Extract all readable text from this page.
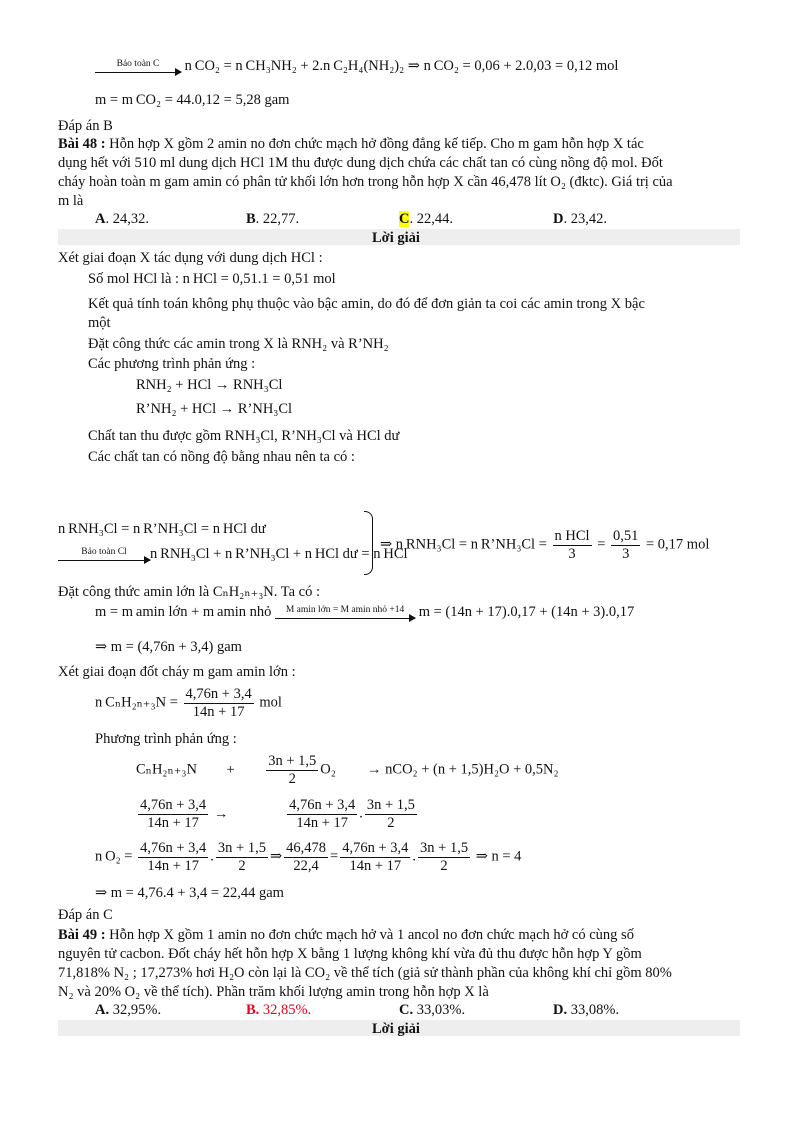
Bảo toàn C	n CO₂ = n CH₃NH₂ + 2.n C₂H₄(NH₂)₂ ⇒ n CO₂ = 0,06 + 2.0,03 = 0,12 mol
m = m CO₂ = 44.0,12 = 5,28 gam
Đáp án B
Bài 48 : Hỗn hợp X gồm 2 amin no đơn chức mạch hở đồng đẳng kế tiếp. Cho m gam hỗn hợp X tác
dụng hết với 510 ml dung dịch HCl 1M thu được dung dịch chứa các chất tan có cùng nồng độ mol. Đốt
cháy hoàn toàn m gam amin có phân tử khối lớn hơn trong hỗn hợp X cần 46,478 lít O₂ (đktc). Giá trị của
m là
A. 24,32.	B. 22,77.	C. 22,44.	D. 23,42.
Lời giải
Xét giai đoạn X tác dụng với dung dịch HCl :
Số mol HCl là : n HCl = 0,51.1 = 0,51 mol
Kết quả tính toán không phụ thuộc vào bậc amin, do đó để đơn giản ta coi các amin trong X bậc
một
Đặt công thức các amin trong X là RNH₂ và R’NH₂
Các phương trình phản ứng :
RNH₂ + HCl → RNH₃Cl
R’NH₂ + HCl → R’NH₃Cl
Chất tan thu được gồm RNH₃Cl, R’NH₃Cl và HCl dư
Các chất tan có nồng độ bằng nhau nên ta có :
n RNH₃Cl = n R’NH₃Cl = n HCl dư
Bảo toàn Cl	n RNH₃Cl + n R’NH₃Cl + n HCl dư = n HCl
⇒ n RNH₃Cl = n R’NH₃Cl = $\frac{\text{n HCl}}{3} = \frac{0,51}{3} = 0,17$ mol
Đặt công thức amin lớn là CₙH₂ₙ₊₃N. Ta có :
m = m amin lớn + m amin nhỏ	M amin lớn = M amin nhỏ +14 m = (14n + 17).0,17 + (14n + 3).0,17
⇒ m = (4,76n + 3,4) gam
Xét giai đoạn đốt cháy m gam amin lớn :
n $C_nH_{2n+3}N = \frac{4,76n + 3,4}{14n + 17}$ mol
Phương trình phản ứng :
$C_nH_{2n+3}N + \frac{3n + 1,5}{2} O_2 \to nCO_2 + (n + 1,5)H_2O + 0,5N_2$
$\frac{4,76n + 3,4}{14n + 17}$ →	$\frac{4,76n + 3,4}{14n + 17}$ . $\frac{3n + 1,5}{2}$
n $O_2 = \frac{4,76n + 3,4}{14n + 17}$ . $\frac{3n + 1,5}{2}$ ⇒ $\frac{46,478}{22,4} = \frac{4,76n + 3,4}{14n + 17}$ . $\frac{3n + 1,5}{2}$ ⇒ n = 4
⇒ m = 4,76.4 + 3,4 = 22,44 gam
Đáp án C
Bài 49 : Hỗn hợp X gồm 1 amin no đơn chức mạch hở và 1 ancol no đơn chức mạch hở có cùng số
nguyên tử cacbon. Đốt cháy hết hỗn hợp X bằng 1 lượng không khí vừa đủ thu được hỗn hợp Y gồm
71,818% N₂ ; 17,273% hơi H₂O còn lại là CO₂ về thể tích (giả sử thành phần của không khí chỉ gồm 80%
N₂ và 20% O₂ về thể tích). Phần trăm khối lượng amin trong hỗn hợp X là
A. 32,95%.	B. 32,85%.	C. 33,03%.	D. 33,08%.
Lời giải
